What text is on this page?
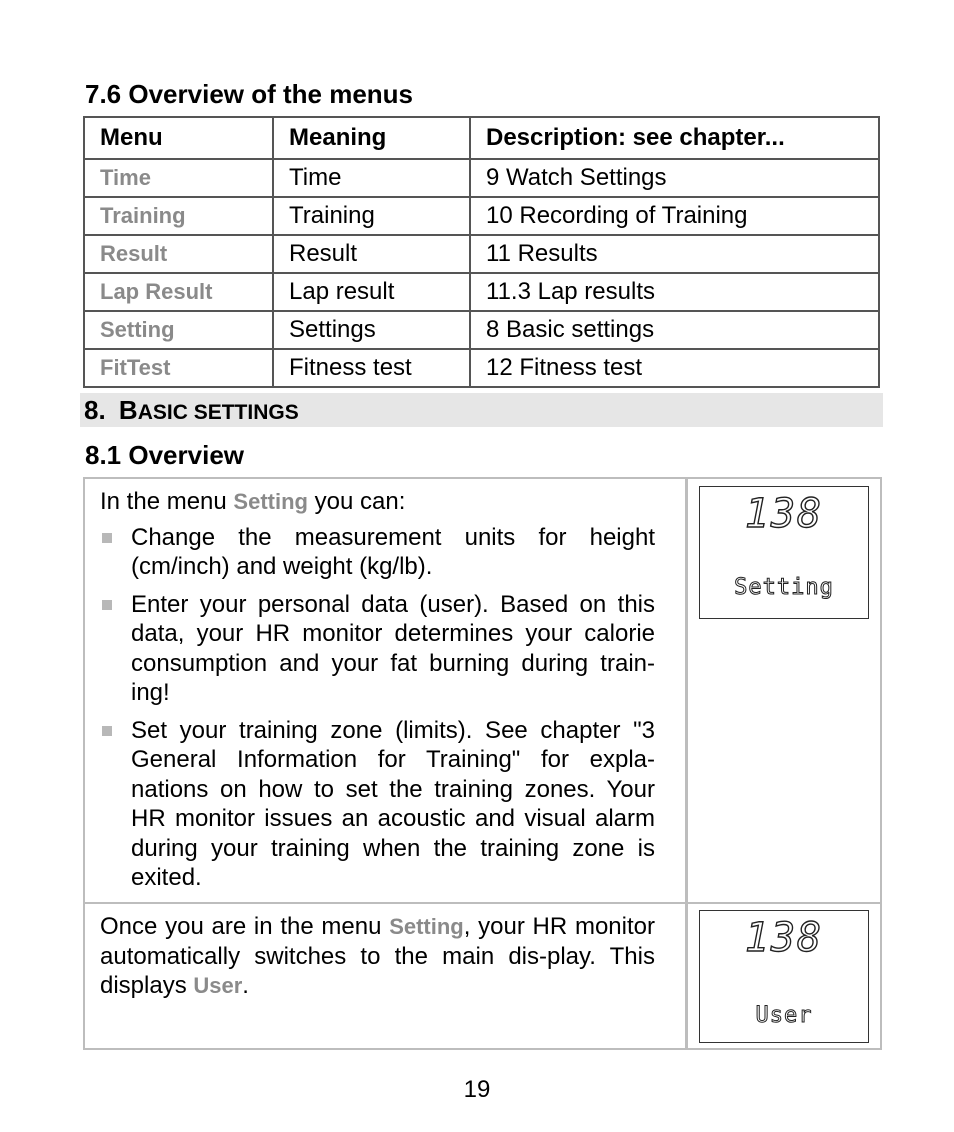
7.6 Overview of the menus
Menu	Meaning	Description: see chapter...
Time	Time	9 Watch Settings
Training	Training	10 Recording of Training
Result	Result	11 Results
Lap Result	Lap result	11.3 Lap results
Setting	Settings	8 Basic settings
FitTest	Fitness test	12 Fitness test
8. BASIC SETTINGS
8.1 Overview
In the menu Setting you can:
Change the measurement units for height (cm/inch) and weight (kg/lb).
Enter your personal data (user). Based on this data, your HR monitor determines your calorie consumption and your fat burning during train-ing!
Set your training zone (limits). See chapter "3 General Information for Training" for expla-nations on how to set the training zones. Your HR monitor issues an acoustic and visual alarm during your training when the training zone is exited.
138
Setting
Once you are in the menu Setting, your HR monitor automatically switches to the main dis-play. This displays User.
138
User
19
